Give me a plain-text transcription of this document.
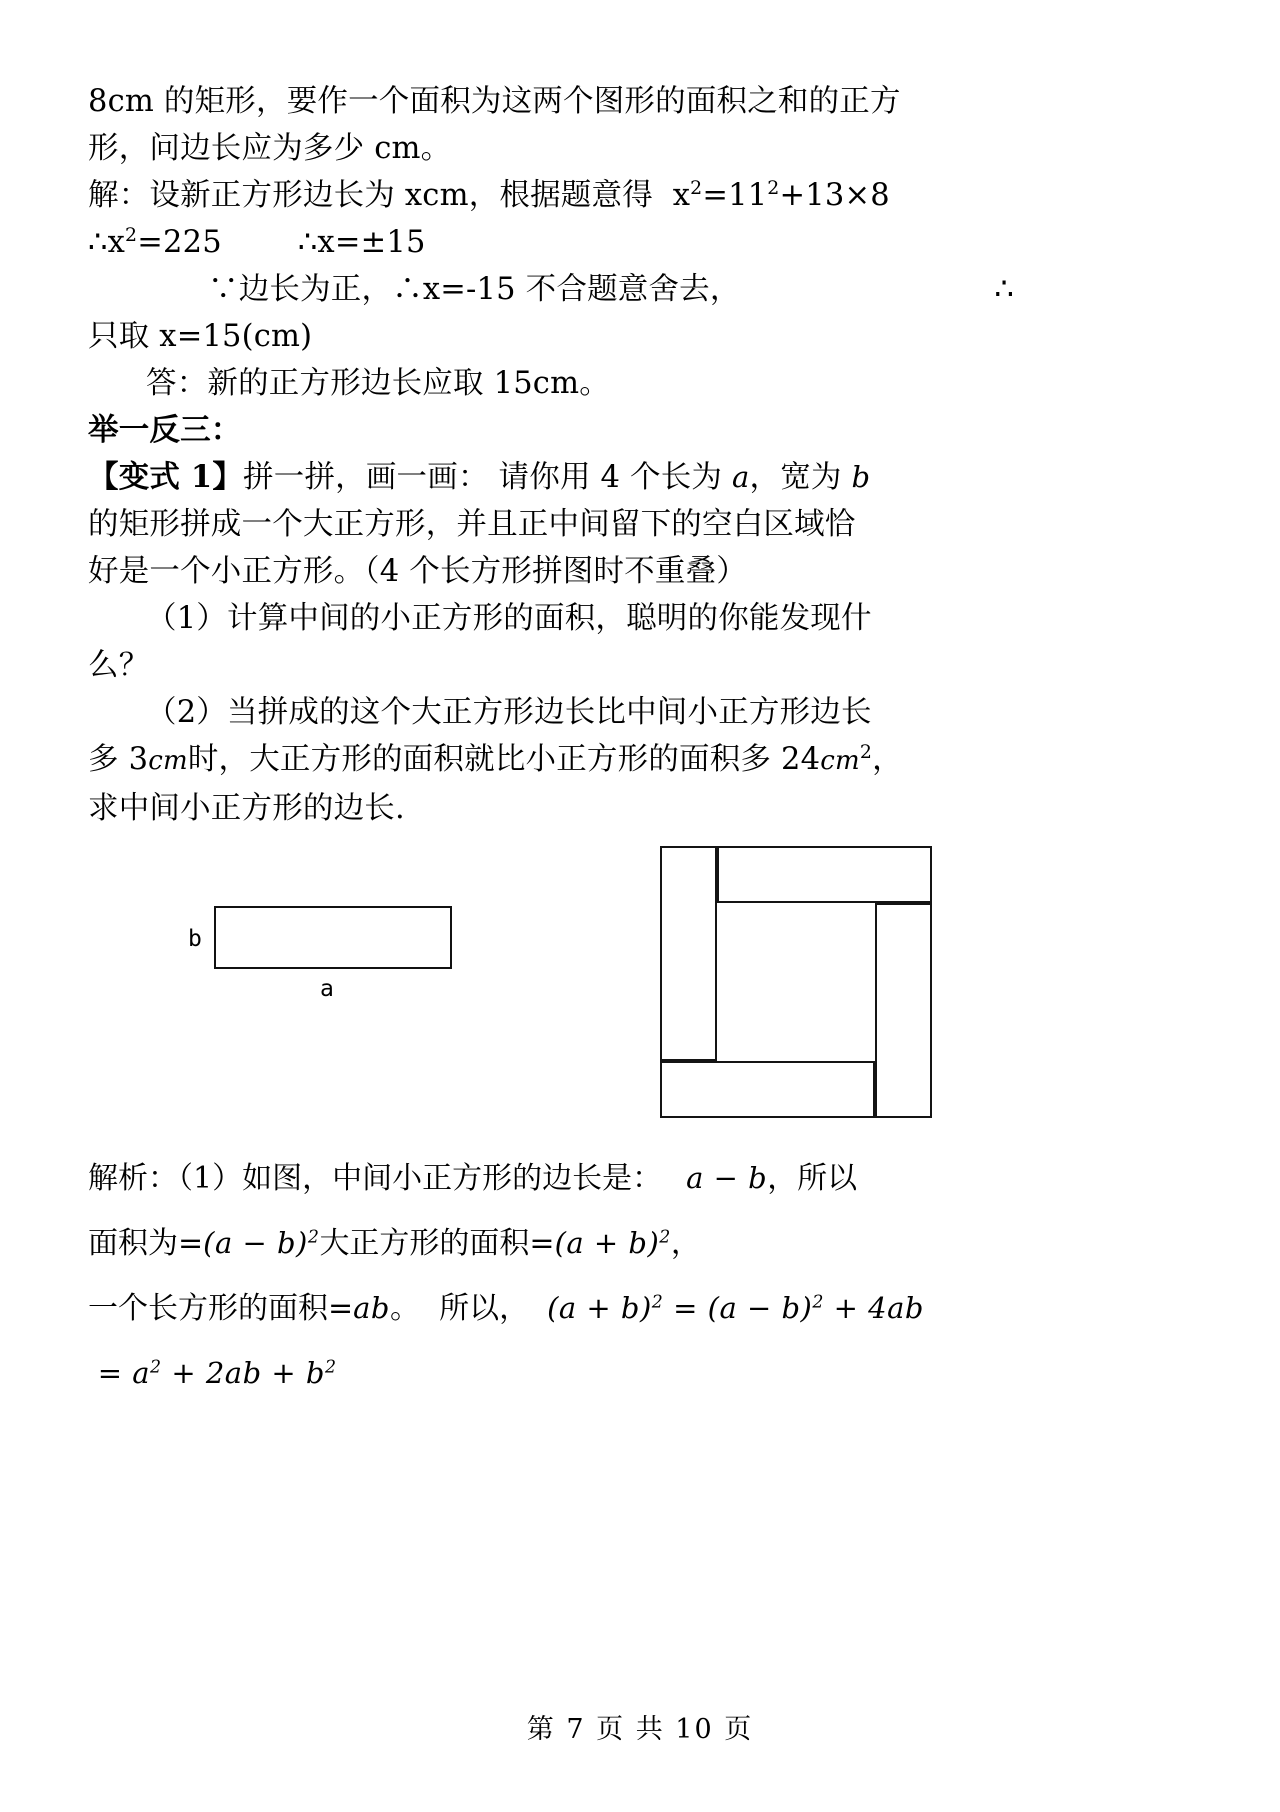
8cm 的矩形，要作一个面积为这两个图形的面积之和的正方
形，问边长应为多少 cm。
解：设新正方形边长为 xcm，根据题意得  $x^2=11^2+13\times 8$
$\therefore x^2=225$ ∴x=±15
∵边长为正，∴x=-15 不合题意舍去，	∴
只取 x=15(cm)
答：新的正方形边长应取 15cm。
举一反三：
【变式 1】拼一拼，画一画： 请你用 4 个长为 a，宽为 b
的矩形拼成一个大正方形，并且正中间留下的空白区域恰
好是一个小正方形。（4 个长方形拼图时不重叠）
（1）计算中间的小正方形的面积，聪明的你能发现什
么？
（2）当拼成的这个大正方形边长比中间小正方形边长
多 3cm时，大正方形的面积就比小正方形的面积多 $24cm^2$，
求中间小正方形的边长.
b
a
解析：（1）如图，中间小正方形的边长是： a − b，所以
面积为$=(a - b)^2$大正方形的面积$=(a + b)^2$，
一个长方形的面积=ab。  所以， $(a + b)^2 = (a - b)^2 + 4ab$
= $a^2 + 2ab + b^2$
第 7 页 共 10 页
